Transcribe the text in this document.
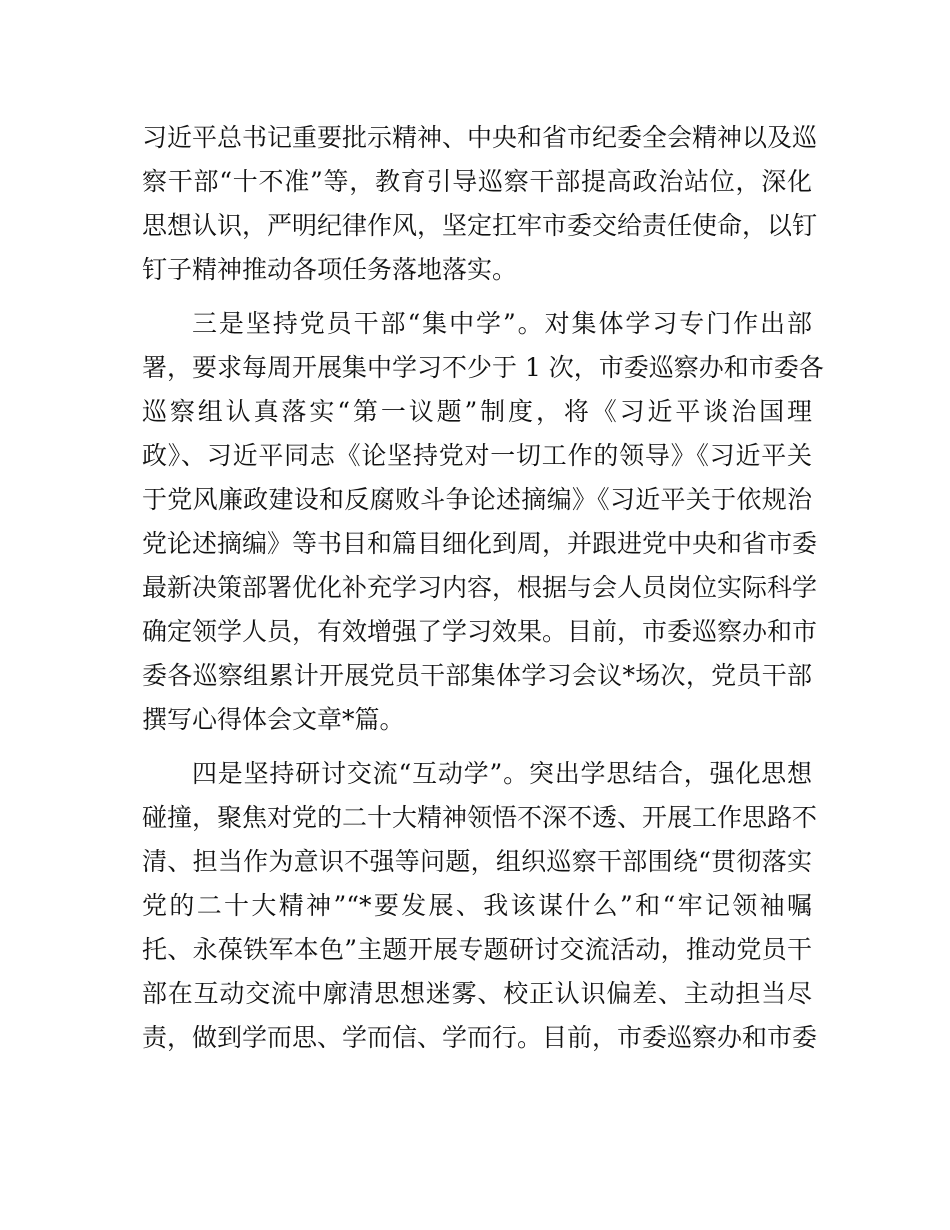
习近平总书记重要批示精神、中央和省市纪委全会精神以及巡
察干部“十不准”等，教育引导巡察干部提高政治站位，深化
思想认识，严明纪律作风，坚定扛牢市委交给责任使命，以钉
钉子精神推动各项任务落地落实。
三是坚持党员干部“集中学”。对集体学习专门作出部
署，要求每周开展集中学习不少于 1 次，市委巡察办和市委各
巡察组认真落实“第一议题”制度，将《习近平谈治国理
政》、习近平同志《论坚持党对一切工作的领导》《习近平关
于党风廉政建设和反腐败斗争论述摘编》《习近平关于依规治
党论述摘编》等书目和篇目细化到周，并跟进党中央和省市委
最新决策部署优化补充学习内容，根据与会人员岗位实际科学
确定领学人员，有效增强了学习效果。目前，市委巡察办和市
委各巡察组累计开展党员干部集体学习会议*场次，党员干部
撰写心得体会文章*篇。
四是坚持研讨交流“互动学”。突出学思结合，强化思想
碰撞，聚焦对党的二十大精神领悟不深不透、开展工作思路不
清、担当作为意识不强等问题，组织巡察干部围绕“贯彻落实
党的二十大精神”“*要发展、我该谋什么”和“牢记领袖嘱
托、永葆铁军本色”主题开展专题研讨交流活动，推动党员干
部在互动交流中廓清思想迷雾、校正认识偏差、主动担当尽
责，做到学而思、学而信、学而行。目前，市委巡察办和市委
